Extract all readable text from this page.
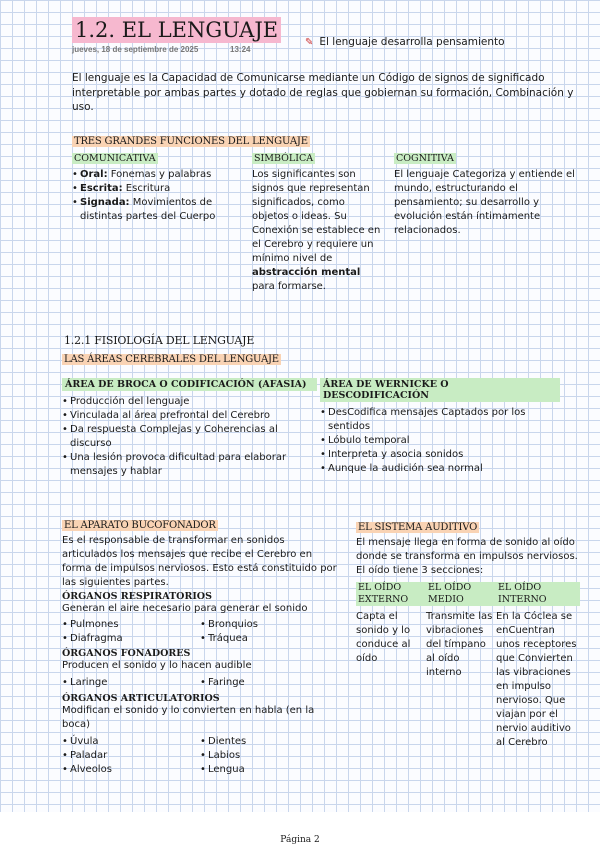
1.2. EL LENGUAJE
jueves, 18 de septiembre de 2025	13:24
✎ El lenguaje desarrolla pensamiento
El lenguaje es la Capacidad de Comunicarse mediante un Código de signos de significado interpretable por ambas partes y dotado de reglas que gobiernan su formación, Combinación y uso.
TRES GRANDES FUNCIONES DEL LENGUAJE
COMUNICATIVA
• Oral: Fonemas y palabras
• Escrita: Escritura
• Signada: Movimientos de distintas partes del Cuerpo
SIMBÓLICA
Los significantes son signos que representan significados, como objetos o ideas. Su Conexión se establece en el Cerebro y requiere un mínimo nivel de abstracción mental para formarse.
COGNITIVA
El lenguaje Categoriza y entiende el mundo, estructurando el pensamiento; su desarrollo y evolución están íntimamente relacionados.
1.2.1 FISIOLOGÍA DEL LENGUAJE
LAS ÁREAS CEREBRALES DEL LENGUAJE
ÁREA DE BROCA O CODIFICACIÓN (AFASIA)
• Producción del lenguaje
• Vinculada al área prefrontal del Cerebro
• Da respuesta Complejas y Coherencias al discurso
• Una lesión provoca dificultad para elaborar mensajes y hablar
ÁREA DE WERNICKE O DESCODIFICACIÓN
• DesCodifica mensajes Captados por los sentidos
• Lóbulo temporal
• Interpreta y asocia sonidos
• Aunque la audición sea normal
EL APARATO BUCOFONADOR
Es el responsable de transformar en sonidos articulados los mensajes que recibe el Cerebro en forma de impulsos nerviosos. Esto está constituido por las siguientes partes.
ÓRGANOS RESPIRATORIOS
Generan el aire necesario para generar el sonido
• Pulmones
• Diafragma
• Bronquios
• Tráquea
ÓRGANOS FONADORES
Producen el sonido y lo hacen audible
• Laringe
•	Faringe
ÓRGANOS ARTICULATORIOS
Modifican el sonido y lo convierten en habla (en la boca)
• Úvula
• Paladar
• Alveolos
• Dientes
• Labios
• Lengua
EL SISTEMA AUDITIVO
El mensaje llega en forma de sonido al oído donde se transforma en impulsos nerviosos. El oído tiene 3 secciones:
EL OÍDO EXTERNO
Capta el sonido y lo conduce al oído
EL OÍDO MEDIO
Transmite las vibraciones del tímpano al oído interno
EL OÍDO INTERNO
En la Cóclea se enCuentran unos receptores que Convierten las vibraciones en impulso nervioso. Que viajan por el nervio auditivo al Cerebro
Página 2
